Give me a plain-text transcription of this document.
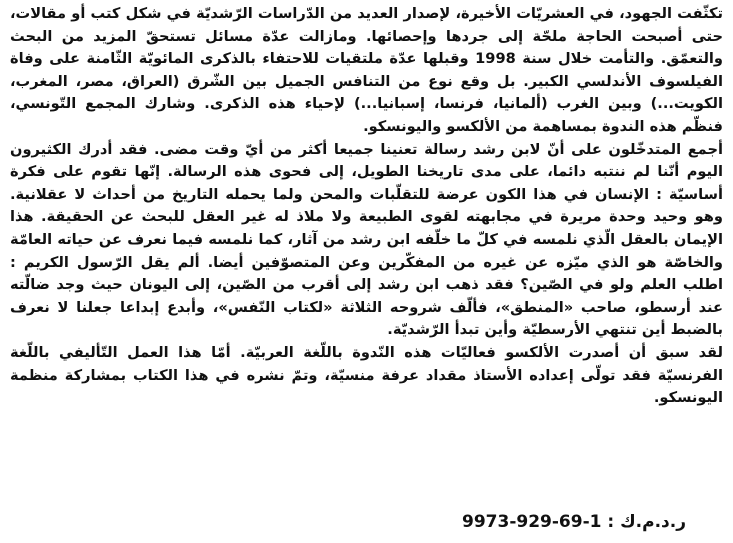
تكثّفت الجهود، في العشريّات الأخيرة، لإصدار العديد من الدّراسات الرّشديّة في شكل كتب أو مقالات، حتى أصبحت الحاجة ملحّة إلى جردها وإحصائها. ومازالت عدّة مسائل تستحقّ المزيد من البحث والتعمّق. والتأمت خلال سنة 1998 وقبلها عدّة ملتقيات للاحتفاء بالذكرى المائويّة الثّامنة على وفاة الفيلسوف الأندلسي الكبير. بل وقع نوع من التنافس الجميل بين الشّرق (العراق، مصر، المغرب، الكويت...) وبين الغرب (ألمانيا، فرنسا، إسبانيا...) لإحياء هذه الذكرى. وشارك المجمع التّونسي، فنظّم هذه الندوة بمساهمة من الألكسو واليونسكو.

أجمع المتدخّلون على أنّ لابن رشد رسالة تعنينا جميعا أكثر من أيّ وقت مضى. فقد أدرك الكثيرون اليوم أنّنا لم ننتبه دائما، على مدى تاريخنا الطويل، إلى فحوى هذه الرسالة. إنّها تقوم على فكرة أساسيّة : الإنسان في هذا الكون عرضة للتقلّبات والمحن ولما يحمله التاريخ من أحداث لا عقلانية. وهو وحيد وحدة مريرة في مجابهته لقوى الطبيعة ولا ملاذ له غير العقل للبحث عن الحقيقة. هذا الإيمان بالعقل الّذي نلمسه في كلّ ما خلّفه ابن رشد من آثار، كما نلمسه فيما نعرف عن حياته العامّة والخاصّة هو الذي ميّزه عن غيره من المفكّرين وعن المتصوّفين أيضا. ألم يقل الرّسول الكريم : اطلب العلم ولو في الصّين؟ فقد ذهب ابن رشد إلى أقرب من الصّين، إلى اليونان حيث وجد ضالّته عند أرسطو، صاحب «المنطق»، فألّف شروحه الثلاثة «لكتاب النّفس»، وأبدع إبداعا جعلنا لا نعرف بالضبط أين تنتهي الأرسطيّة وأين تبدأ الرّشديّة.

لقد سبق أن أصدرت الألكسو فعاليّات هذه النّدوة باللّغة العربيّة. أمّا هذا العمل التّأليفي باللّغة الفرنسيّة فقد تولّى إعداده الأستاذ مقداد عرفة منسيّة، وتمّ نشره في هذا الكتاب بمشاركة منظمة اليونسكو.

9973-929-69-1 ر.د.م.ك :
